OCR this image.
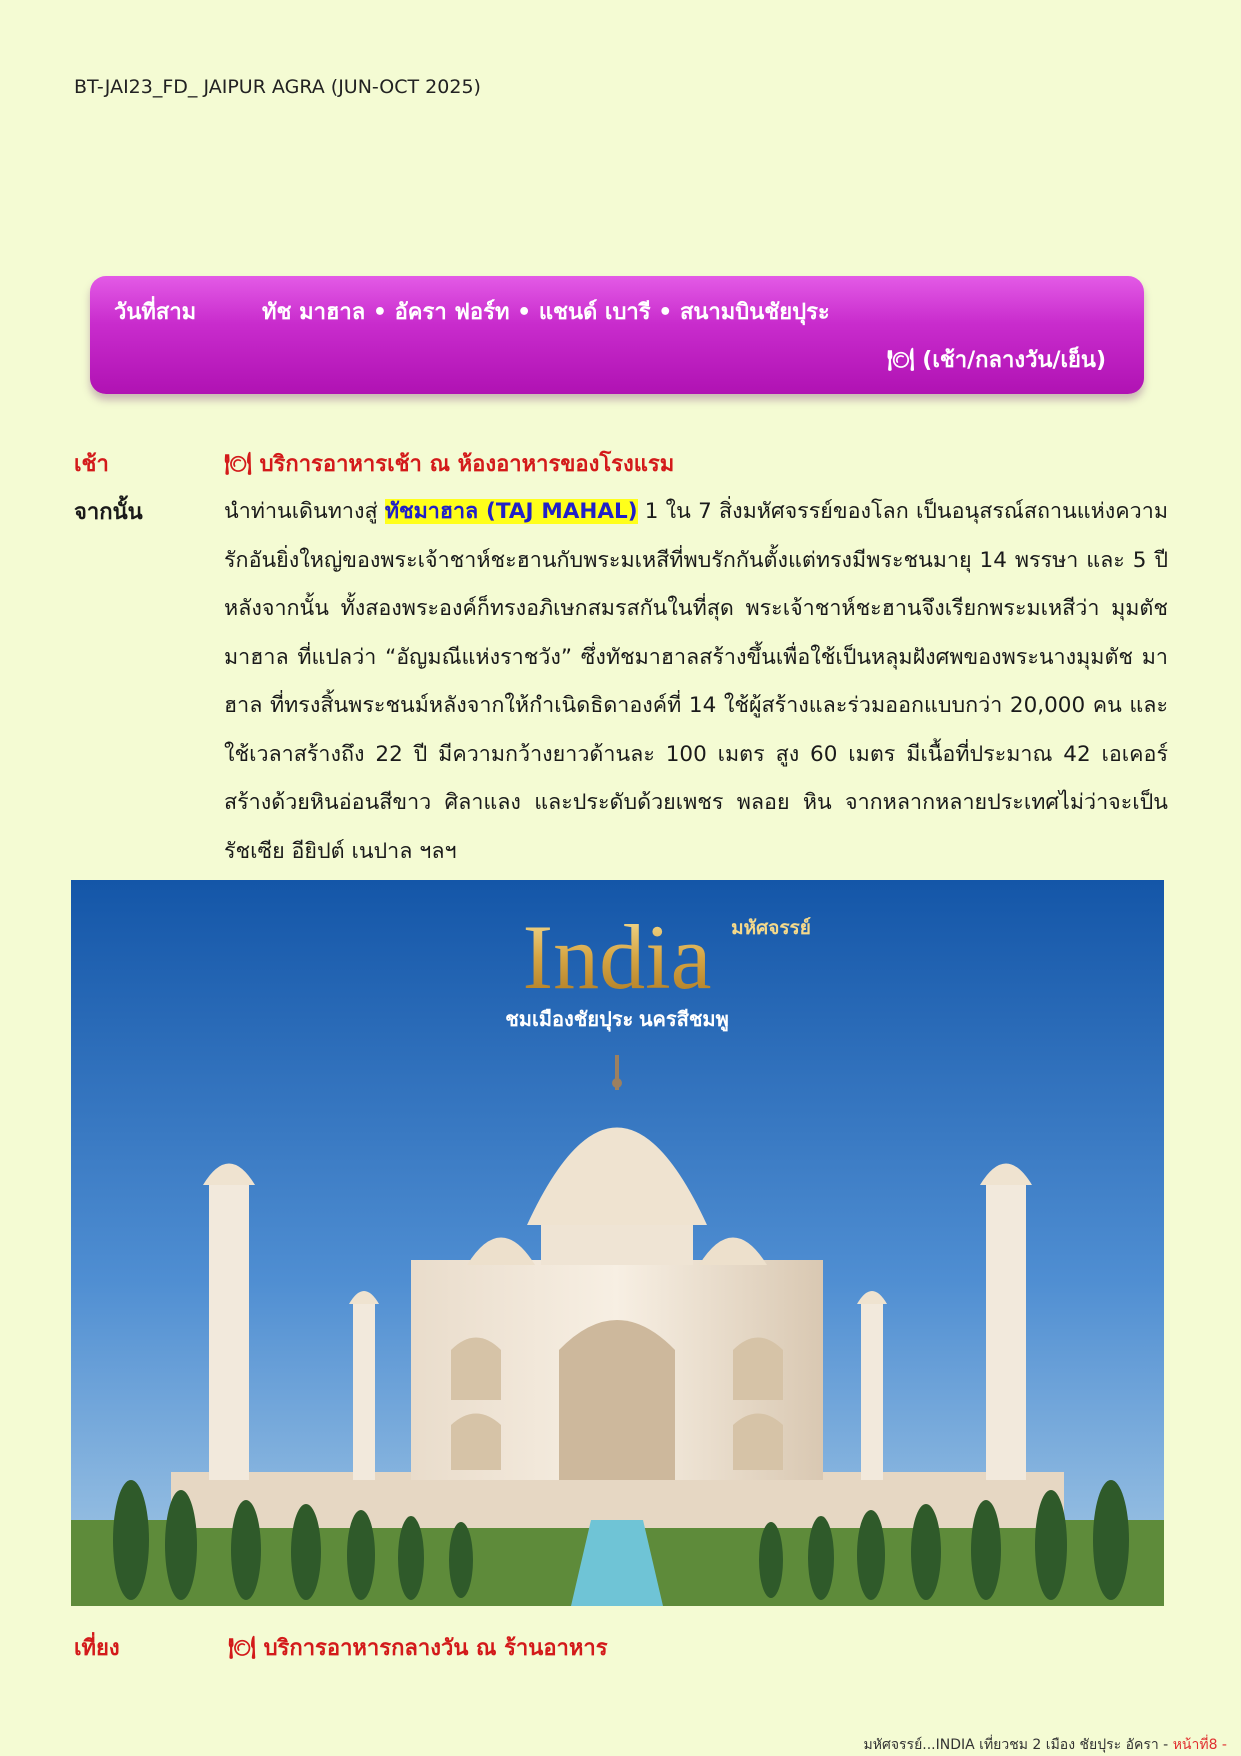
BT-JAI23_FD_ JAIPUR AGRA (JUN-OCT 2025)
วันที่สาม	ทัช มาฮาล • อัครา ฟอร์ท • แชนด์ เบารี • สนามบินชัยปุระ
🍽 (เช้า/กลางวัน/เย็น)
เช้า	🍽 บริการอาหารเช้า ณ ห้องอาหารของโรงแรม
จากนั้น	นำท่านเดินทางสู่ ทัชมาฮาล (TAJ MAHAL) 1 ใน 7 สิ่งมหัศจรรย์ของโลก เป็นอนุสรณ์สถานแห่งความรักอันยิ่งใหญ่ของพระเจ้าชาห์ชะฮานกับพระมเหสีที่พบรักกันตั้งแต่ทรงมีพระชนมายุ 14 พรรษา และ 5 ปีหลังจากนั้น ทั้งสองพระองค์ก็ทรงอภิเษกสมรสกันในที่สุด พระเจ้าชาห์ชะฮานจึงเรียกพระมเหสีว่า มุมตัช มาฮาล ที่แปลว่า “อัญมณีแห่งราชวัง” ซึ่งทัชมาฮาลสร้างขึ้นเพื่อใช้เป็นหลุมฝังศพของพระนางมุมตัช มาฮาล ที่ทรงสิ้นพระชนม์หลังจากให้กำเนิดธิดาองค์ที่ 14 ใช้ผู้สร้างและร่วมออกแบบกว่า 20,000 คน และใช้เวลาสร้างถึง 22 ปี มีความกว้างยาวด้านละ 100 เมตร สูง 60 เมตร มีเนื้อที่ประมาณ 42 เอเคอร์ สร้างด้วยหินอ่อนสีขาว ศิลาแลง และประดับด้วยเพชร พลอย หิน จากหลากหลายประเทศไม่ว่าจะเป็น รัชเซีย อียิปต์ เนปาล ฯลฯ
India มหัศจรรย์
ชมเมืองชัยปุระ นครสีชมพู
เที่ยง	🍽 บริการอาหารกลางวัน ณ ร้านอาหาร
มหัศจรรย์...INDIA เที่ยวชม 2 เมือง ชัยปุระ อัครา - หน้าที่8 -
